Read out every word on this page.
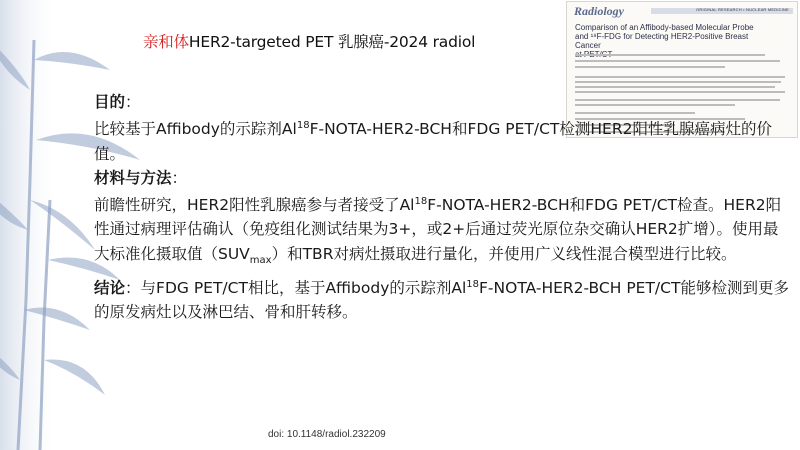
亲和体HER2-targeted PET 乳腺癌-2024 radiol
Radiology	ORIGINAL RESEARCH • NUCLEAR MEDICINE
Comparison of an Affibody-based Molecular Probe
and ¹⁸F-FDG for Detecting HER2-Positive Breast Cancer

目的：

比较基于Affibody的示踪剂Al$^{18}$F-NOTA-HER2-BCH和FDG PET/CT检测HER2阳性乳腺癌病灶的价值。

材料与方法：

前瞻性研究，HER2阳性乳腺癌参与者接受了Al$^{18}$F-NOTA-HER2-BCH和FDG PET/CT检查。HER2阳性通过病理评估确认（免疫组化测试结果为3+，或2+后通过荧光原位杂交确认HER2扩增）。使用最大标准化摄取值$(SUV_{max})$和TBR对病灶摄取进行量化，并使用广义线性混合模型进行比较。

结论：与FDG PET/CT相比，基于Affibody的示踪剂Al$^{18}$F-NOTA-HER2-BCH PET/CT能够检测到更多的原发病灶以及淋巴结、骨和肝转移。

doi: 10.1148/radiol.232209
